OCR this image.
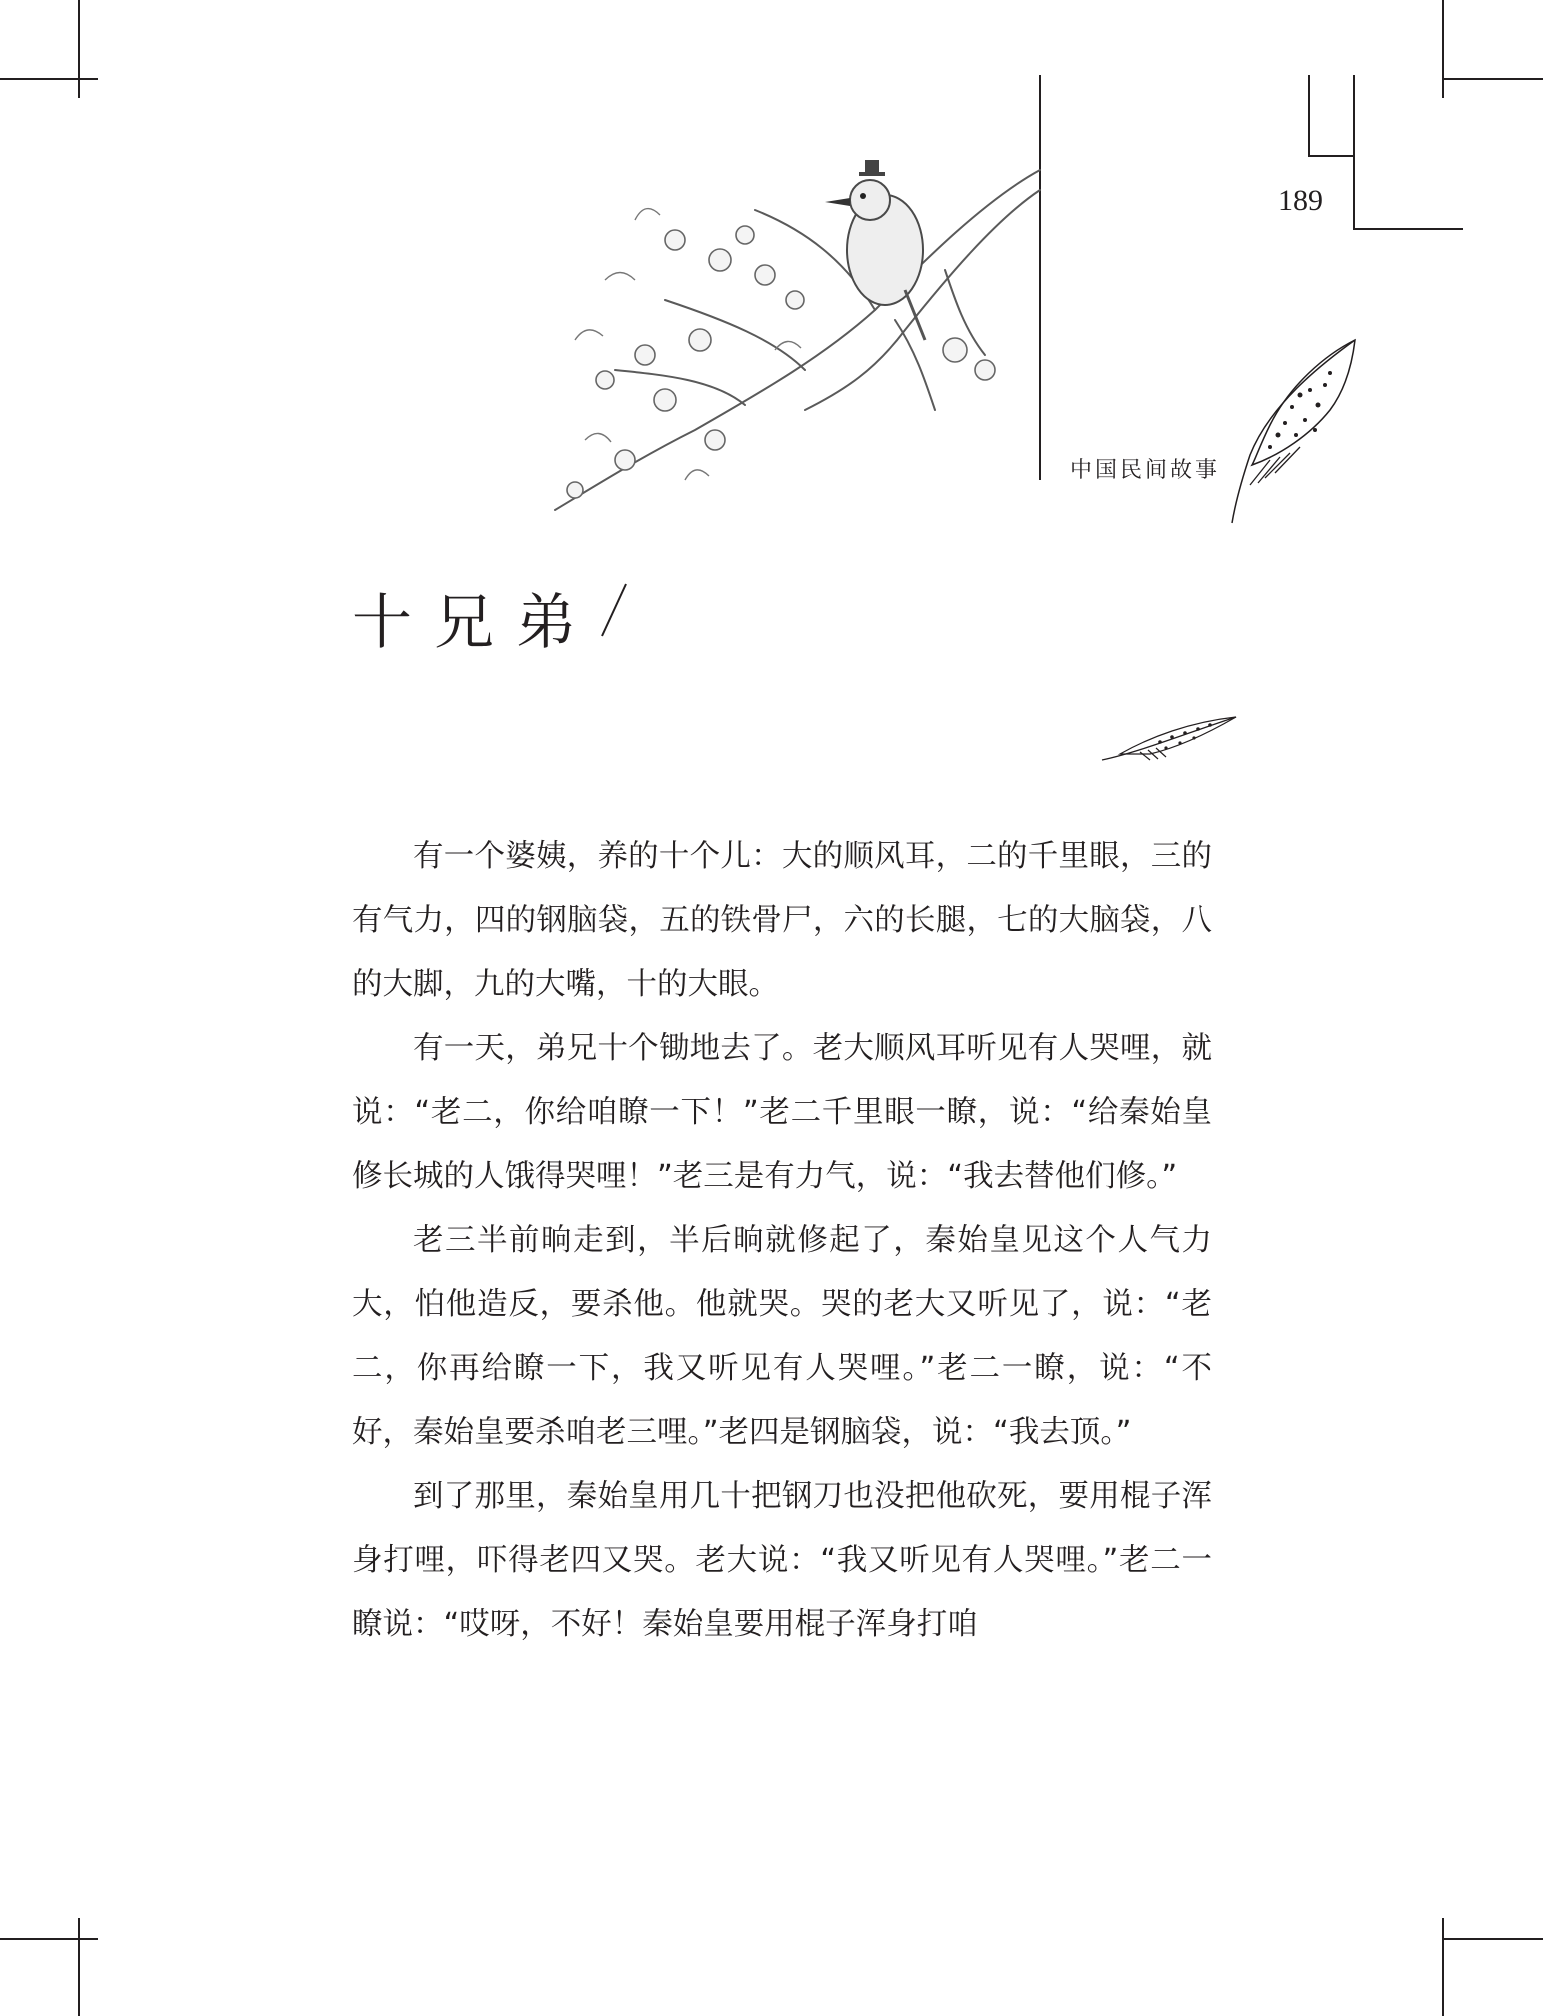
189
中国民间故事
十兄弟

有一个婆姨，养的十个儿：大的顺风耳，二的千里眼，三的有气力，四的钢脑袋，五的铁骨尸，六的长腿，七的大脑袋，八的大脚，九的大嘴，十的大眼。

有一天，弟兄十个锄地去了。老大顺风耳听见有人哭哩，就说：“老二，你给咱瞭一下！”老二千里眼一瞭，说：“给秦始皇修长城的人饿得哭哩！”老三是有力气，说：“我去替他们修。”

老三半前晌走到，半后晌就修起了，秦始皇见这个人气力大，怕他造反，要杀他。他就哭。哭的老大又听见了，说：“老二，你再给瞭一下，我又听见有人哭哩。”老二一瞭，说：“不好，秦始皇要杀咱老三哩。”老四是钢脑袋，说：“我去顶。”

到了那里，秦始皇用几十把钢刀也没把他砍死，要用棍子浑身打哩，吓得老四又哭。老大说：“我又听见有人哭哩。”老二一瞭说：“哎呀，不好！秦始皇要用棍子浑身打咱
